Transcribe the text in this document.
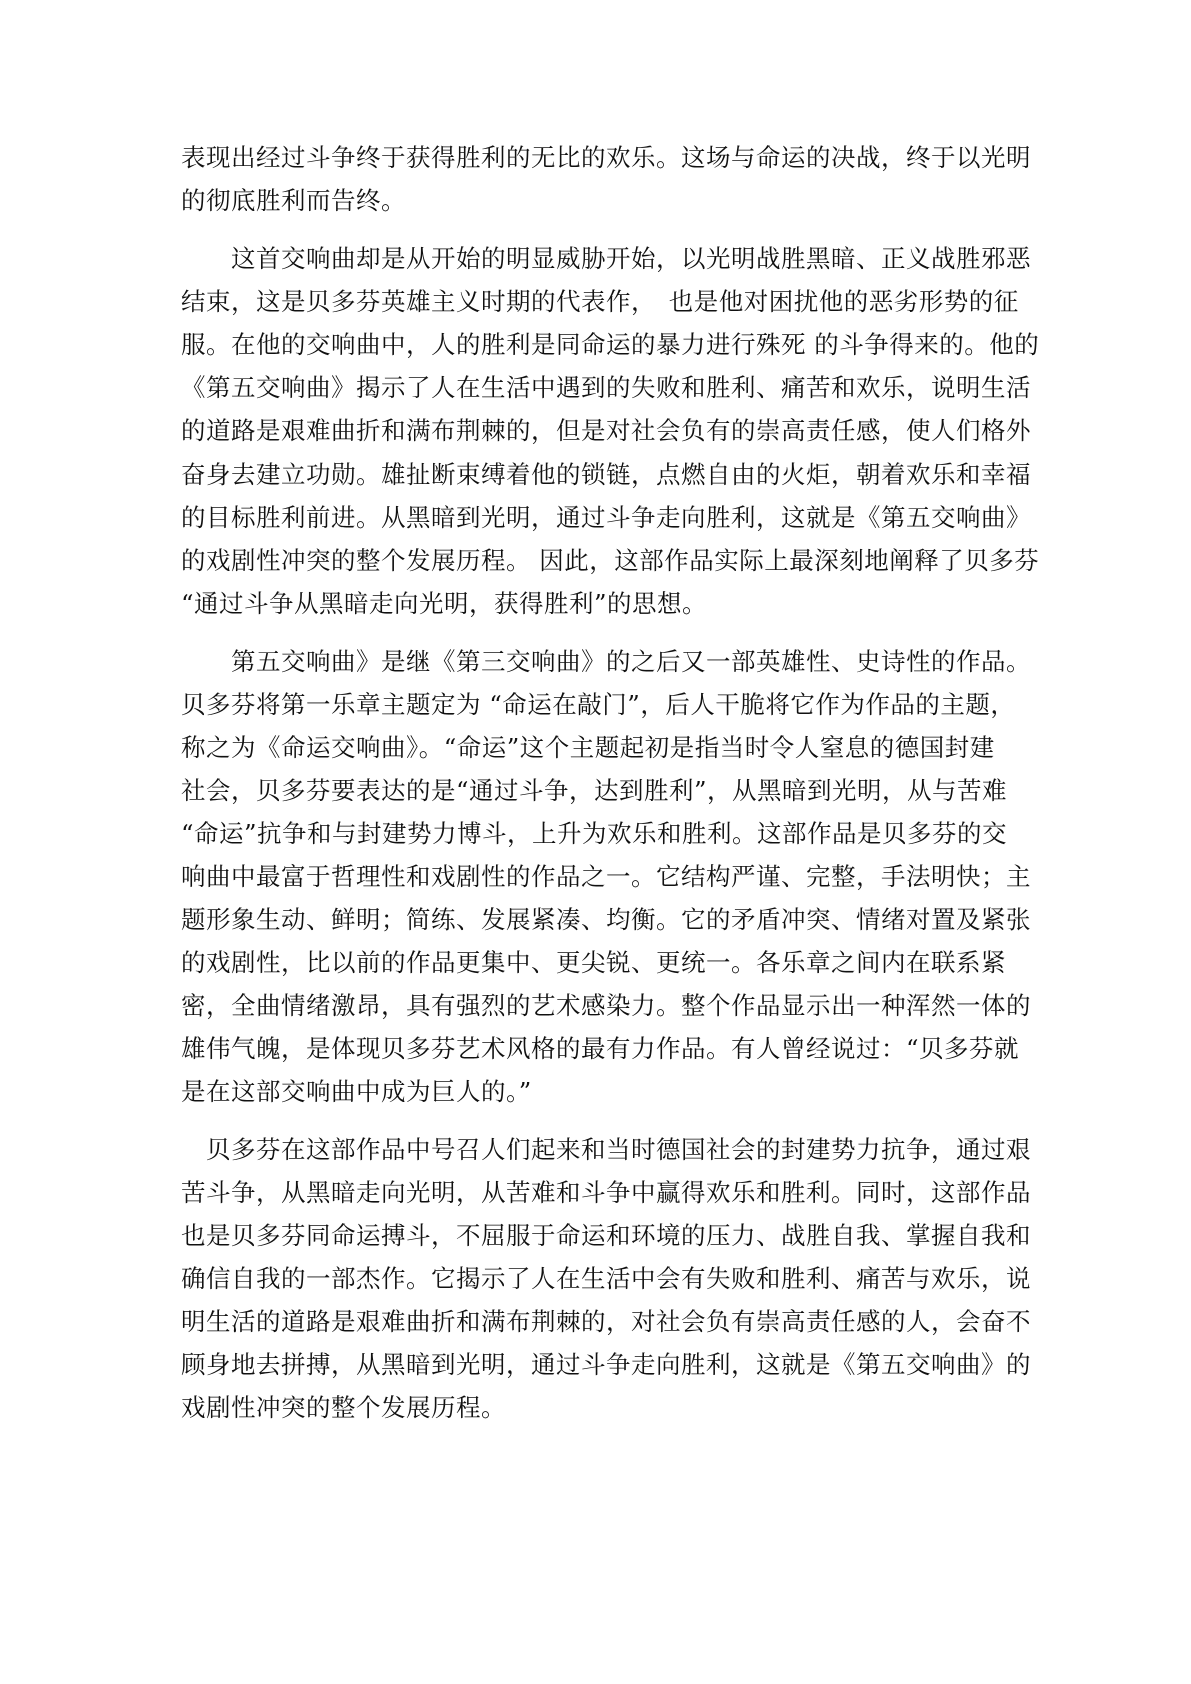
表现出经过斗争终于获得胜利的无比的欢乐。这场与命运的决战，终于以光明
的彻底胜利而告终。
　　这首交响曲却是从开始的明显威胁开始，以光明战胜黑暗、正义战胜邪恶
结束，这是贝多芬英雄主义时期的代表作，　也是他对困扰他的恶劣形势的征
服。在他的交响曲中，人的胜利是同命运的暴力进行殊死 的斗争得来的。他的
《第五交响曲》揭示了人在生活中遇到的失败和胜利、痛苦和欢乐，说明生活
的道路是艰难曲折和满布荆棘的，但是对社会负有的崇高责任感，使人们格外
奋身去建立功勋。雄扯断束缚着他的锁链，点燃自由的火炬，朝着欢乐和幸福
的目标胜利前进。从黑暗到光明，通过斗争走向胜利，这就是《第五交响曲》
的戏剧性冲突的整个发展历程。 因此，这部作品实际上最深刻地阐释了贝多芬
“通过斗争从黑暗走向光明，获得胜利”的思想。
　　第五交响曲》是继《第三交响曲》的之后又一部英雄性、史诗性的作品。
贝多芬将第一乐章主题定为 “命运在敲门”，后人干脆将它作为作品的主题，
称之为《命运交响曲》。“命运”这个主题起初是指当时令人窒息的德国封建
社会，贝多芬要表达的是“通过斗争，达到胜利”，从黑暗到光明，从与苦难
“命运”抗争和与封建势力博斗，上升为欢乐和胜利。这部作品是贝多芬的交
响曲中最富于哲理性和戏剧性的作品之一。它结构严谨、完整，手法明快；主
题形象生动、鲜明；简练、发展紧凑、均衡。它的矛盾冲突、情绪对置及紧张
的戏剧性，比以前的作品更集中、更尖锐、更统一。各乐章之间内在联系紧
密，全曲情绪激昂，具有强烈的艺术感染力。整个作品显示出一种浑然一体的
雄伟气魄，是体现贝多芬艺术风格的最有力作品。有人曾经说过：“贝多芬就
是在这部交响曲中成为巨人的。”
　贝多芬在这部作品中号召人们起来和当时德国社会的封建势力抗争，通过艰
苦斗争，从黑暗走向光明，从苦难和斗争中赢得欢乐和胜利。同时，这部作品
也是贝多芬同命运搏斗，不屈服于命运和环境的压力、战胜自我、掌握自我和
确信自我的一部杰作。它揭示了人在生活中会有失败和胜利、痛苦与欢乐，说
明生活的道路是艰难曲折和满布荆棘的，对社会负有崇高责任感的人，会奋不
顾身地去拼搏，从黑暗到光明，通过斗争走向胜利，这就是《第五交响曲》的
戏剧性冲突的整个发展历程。
